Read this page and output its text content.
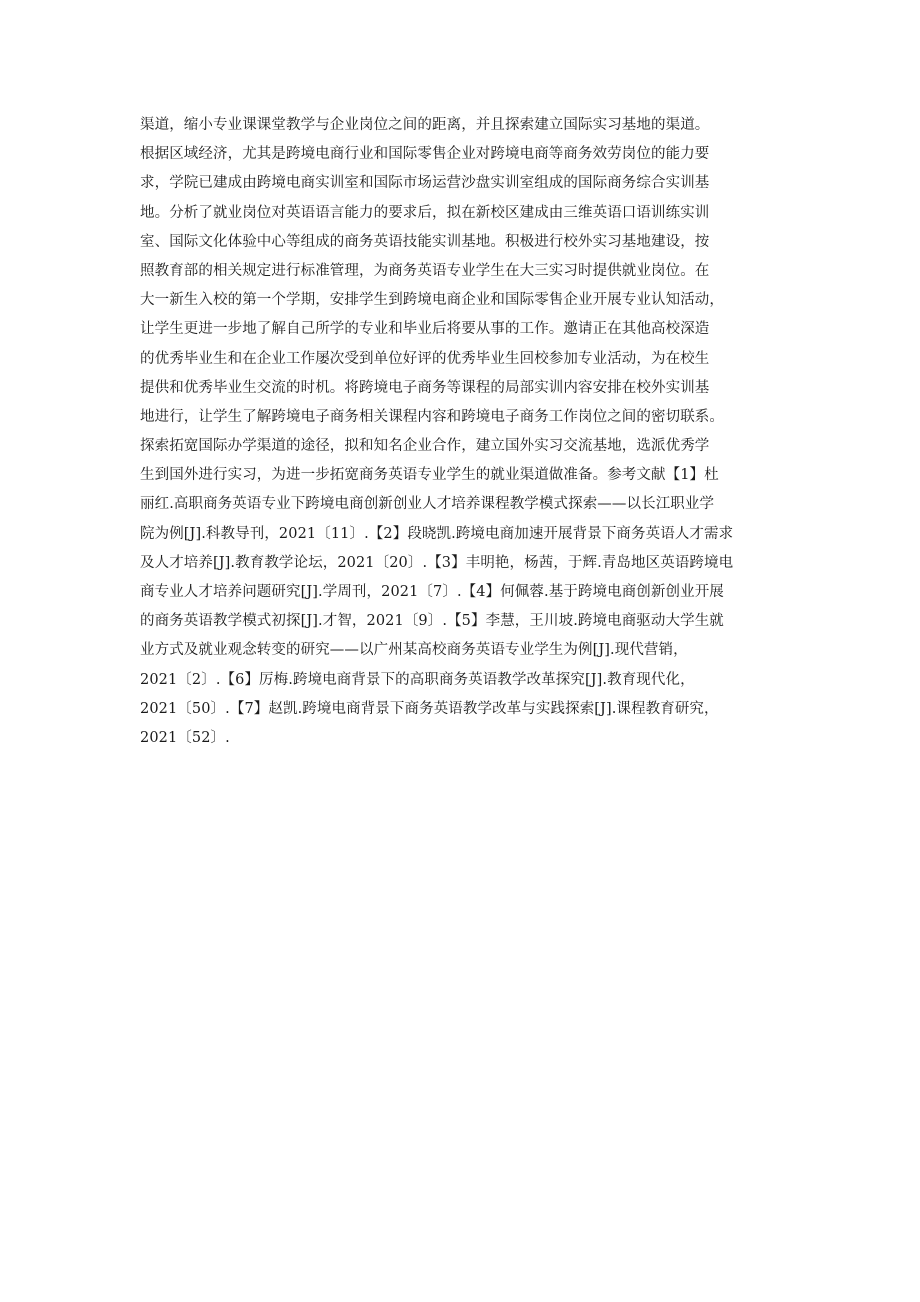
渠道，缩小专业课课堂教学与企业岗位之间的距离，并且探索建立国际实习基地的渠道。
根据区域经济，尤其是跨境电商行业和国际零售企业对跨境电商等商务效劳岗位的能力要
求，学院已建成由跨境电商实训室和国际市场运营沙盘实训室组成的国际商务综合实训基
地。分析了就业岗位对英语语言能力的要求后，拟在新校区建成由三维英语口语训练实训
室、国际文化体验中心等组成的商务英语技能实训基地。积极进行校外实习基地建设，按
照教育部的相关规定进行标准管理，为商务英语专业学生在大三实习时提供就业岗位。在
大一新生入校的第一个学期，安排学生到跨境电商企业和国际零售企业开展专业认知活动，
让学生更进一步地了解自己所学的专业和毕业后将要从事的工作。邀请正在其他高校深造
的优秀毕业生和在企业工作屡次受到单位好评的优秀毕业生回校参加专业活动，为在校生
提供和优秀毕业生交流的时机。将跨境电子商务等课程的局部实训内容安排在校外实训基
地进行，让学生了解跨境电子商务相关课程内容和跨境电子商务工作岗位之间的密切联系。
探索拓宽国际办学渠道的途径，拟和知名企业合作，建立国外实习交流基地，选派优秀学
生到国外进行实习，为进一步拓宽商务英语专业学生的就业渠道做准备。参考文献【1】杜
丽红.高职商务英语专业下跨境电商创新创业人才培养课程教学模式探索——以长江职业学
院为例[J].科教导刊，2021〔11〕.【2】段晓凯.跨境电商加速开展背景下商务英语人才需求
及人才培养[J].教育教学论坛，2021〔20〕.【3】丰明艳，杨茜，于辉.青岛地区英语跨境电
商专业人才培养问题研究[J].学周刊，2021〔7〕.【4】何佩蓉.基于跨境电商创新创业开展
的商务英语教学模式初探[J].才智，2021〔9〕.【5】李慧，王川坡.跨境电商驱动大学生就
业方式及就业观念转变的研究——以广州某高校商务英语专业学生为例[J].现代营销，
2021〔2〕.【6】厉梅.跨境电商背景下的高职商务英语教学改革探究[J].教育现代化，
2021〔50〕.【7】赵凯.跨境电商背景下商务英语教学改革与实践探索[J].课程教育研究，
2021〔52〕.
